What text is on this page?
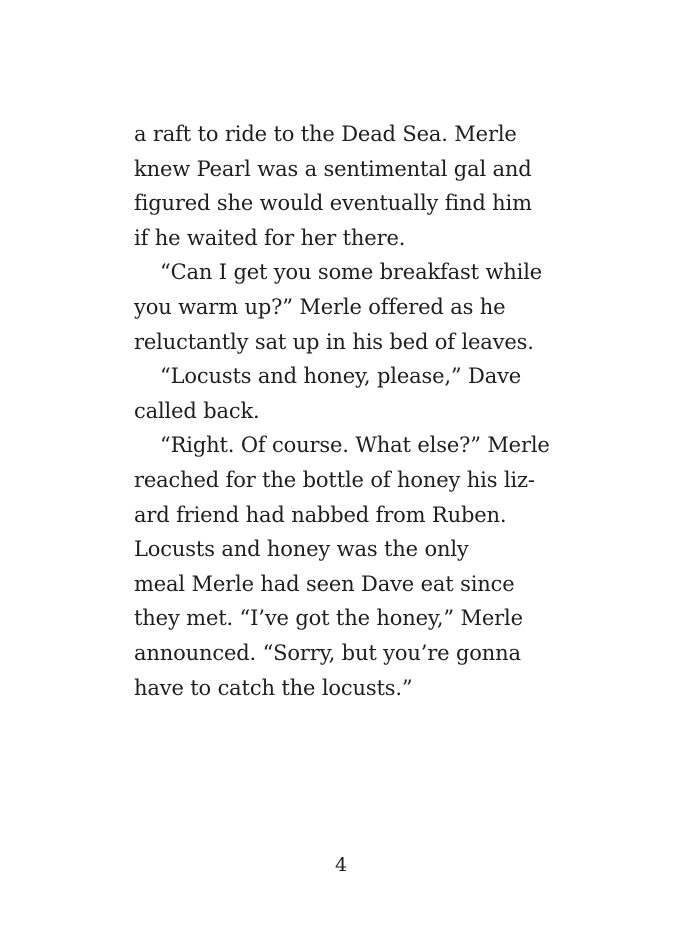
a raft to ride to the Dead Sea. Merle
knew Pearl was a sentimental gal and
figured she would eventually find him
if he waited for her there.
“Can I get you some breakfast while
you warm up?” Merle offered as he
reluctantly sat up in his bed of leaves.
“Locusts and honey, please,” Dave
called back.
“Right. Of course. What else?” Merle
reached for the bottle of honey his liz-
ard friend had nabbed from Ruben.
Locusts and honey was the only
meal Merle had seen Dave eat since
they met. “I’ve got the honey,” Merle
announced. “Sorry, but you’re gonna
have to catch the locusts.”
4
